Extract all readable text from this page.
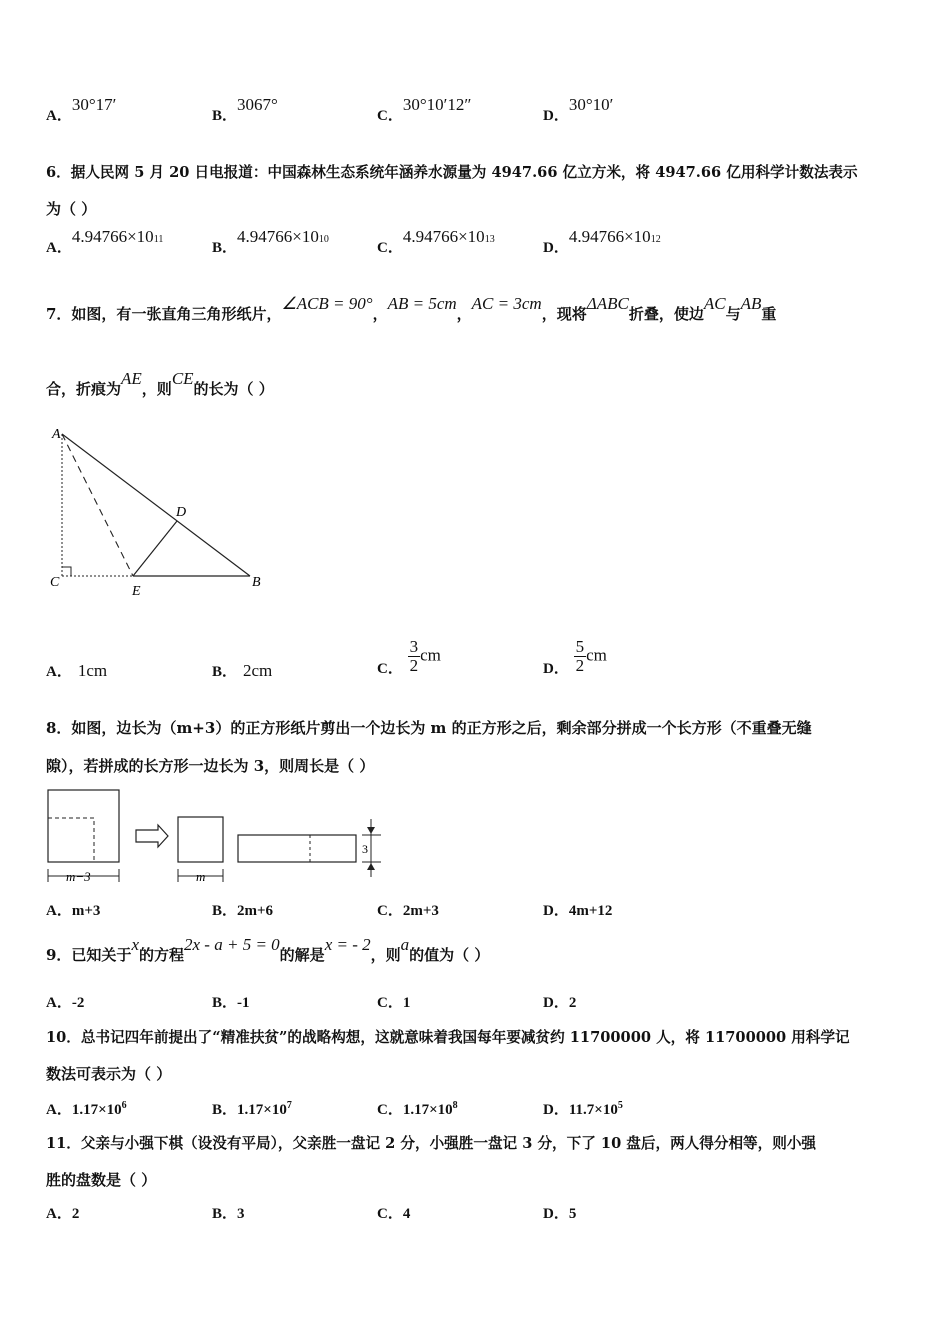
A．30°17′
B．3067°
C．30°10′12″
D．30°10′
6．据人民网 5 月 20 日电报道：中国森林生态系统年涵养水源量为 4947.66 亿立方米，将 4947.66 亿用科学计数法表示
为（ ）
A．$4.94766\times 10^{11}$
B．$4.94766\times 10^{10}$
C．$4.94766\times 10^{13}$
D．$4.94766\times 10^{12}$
7．如图，有一张直角三角形纸片，∠ACB = 90°，AB = 5cm，AC = 3cm，现将ΔABC折叠，使边AC与AB重
合，折痕为AE，则CE的长为（ ）
A
C
E
B
D
A． 1cm	B． 2cm	C． $\frac{3}{2}$ cm
D． $\frac{5}{2}$ cm
8．如图，边长为（m+3）的正方形纸片剪出一个边长为 m 的正方形之后，剩余部分拼成一个长方形（不重叠无缝
隙），若拼成的长方形一边长为 3，则周长是（ ）
m−3	m
3
A．m+3	B．2m+6	C．2m+3	D．4m+12
9．已知关于x的方程2x - a + 5 = 0的解是x = - 2，则a的值为（ ）
A．-2	B．-1	C．1	D．2
10．总书记四年前提出了“精准扶贫”的战略构想，这就意味着我国每年要减贫约 11700000 人，将 11700000 用科学记
数法可表示为（ ）
A．$1.17\times 10^6$	B．$1.17\times 10^7$	C．$1.17\times 10^8$	D．$11.7\times 10^5$
11．父亲与小强下棋（设没有平局），父亲胜一盘记 2 分，小强胜一盘记 3 分，下了 10 盘后，两人得分相等，则小强
胜的盘数是（ ）
A．2	B．3	C．4	D．5
